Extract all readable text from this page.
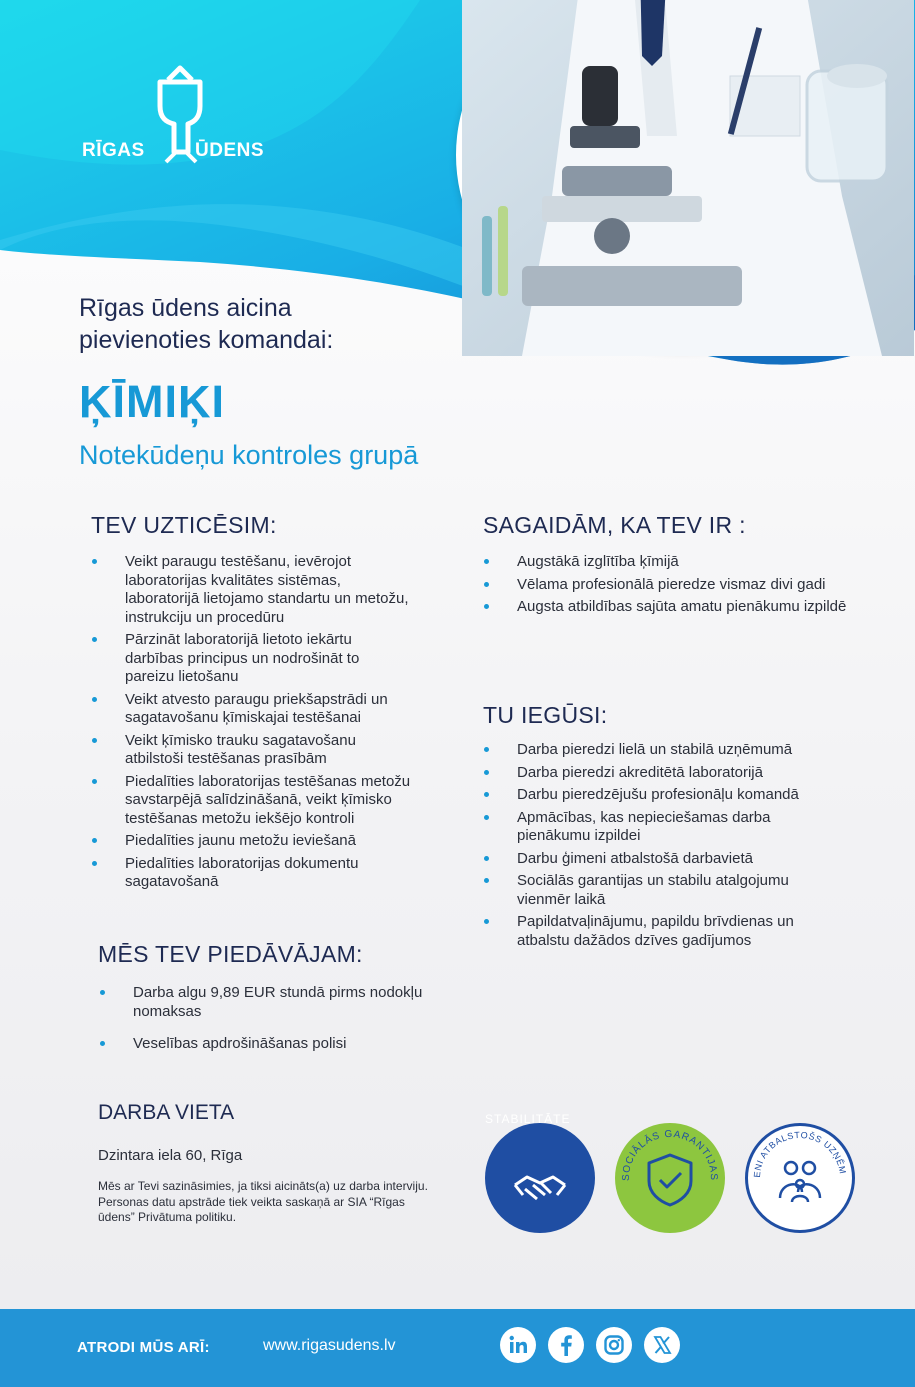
RĪGAS	ŪDENS
Rīgas ūdens aicina
pievienoties komandai:
ĶĪMIĶI
Notekūdeņu kontroles grupā
TEV UZTICĒSIM:
Veikt paraugu testēšanu, ievērojot laboratorijas kvalitātes sistēmas, laboratorijā lietojamo standartu un metožu, instrukciju un procedūru
Pārzināt laboratorijā lietoto iekārtu darbības principus un nodrošināt to pareizu lietošanu
Veikt atvesto paraugu priekšapstrādi un sagatavošanu ķīmiskajai testēšanai
Veikt ķīmisko trauku sagatavošanu atbilstoši testēšanas prasībām
Piedalīties laboratorijas testēšanas metožu savstarpējā salīdzināšanā, veikt ķīmisko testēšanas metožu iekšējo kontroli
Piedalīties jaunu metožu ieviešanā
Piedalīties laboratorijas dokumentu sagatavošanā
SAGAIDĀM, KA TEV IR :
Augstākā izglītība ķīmijā
Vēlama profesionālā pieredze vismaz divi gadi
Augsta atbildības sajūta amatu pienākumu izpildē
TU IEGŪSI:
Darba pieredzi lielā un stabilā uzņēmumā
Darba pieredzi akreditētā laboratorijā
Darbu pieredzējušu profesionāļu komandā
Apmācības, kas nepieciešamas darba pienākumu izpildei
Darbu ģimeni atbalstošā darbavietā
Sociālās garantijas un stabilu atalgojumu vienmēr laikā
Papildatvaļinājumu, papildu brīvdienas un atbalstu dažādos dzīves gadījumos
MĒS TEV PIEDĀVĀJAM:
Darba algu 9,89 EUR stundā pirms nodokļu nomaksas
Veselības apdrošināšanas polisi
DARBA VIETA
Dzintara iela 60, Rīga
Mēs ar Tevi sazināsimies, ja tiksi aicināts(a) uz darba interviju.
Personas datu apstrāde tiek veikta saskaņā ar SIA “Rīgas ūdens” Privātuma politiku.
STABILITĀTE
SOCIĀLĀS GARANTIJAS	ENI ATBALSTOŠS UZŅĒM
ATRODI MŪS ARĪ:	www.rigasudens.lv
